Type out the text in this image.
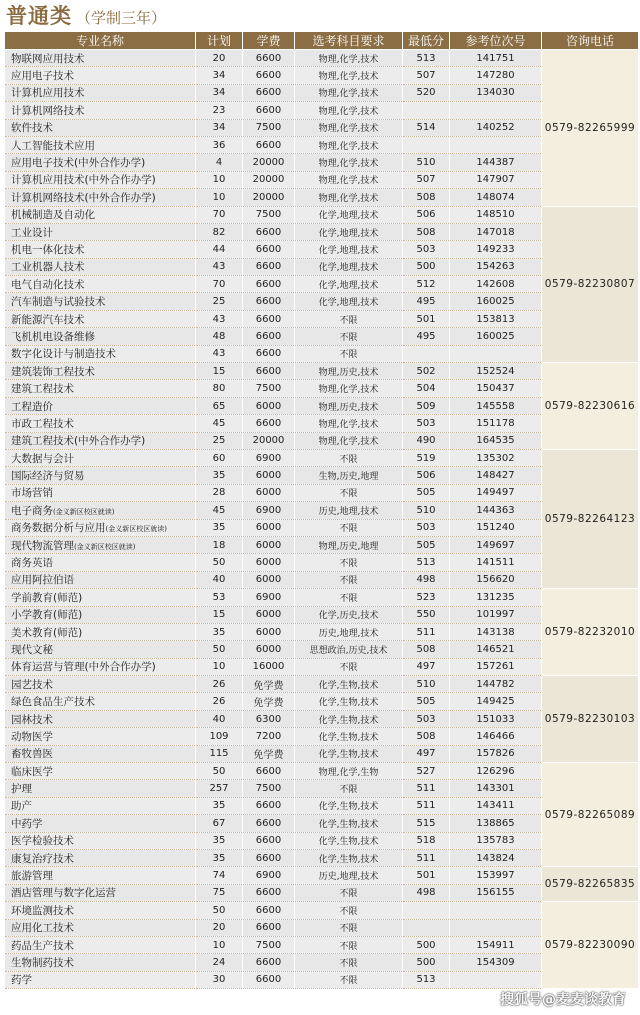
普通类 （学制三年）
专业名称	计划	学费	选考科目要求	最低分	参考位次号	咨询电话
物联网应用技术	20	6600	物理,化学,技术	513	141751	0579-82265999
应用电子技术	34	6600	物理,化学,技术	507	147280	
计算机应用技术	34	6600	物理,化学,技术	520	134030	
计算机网络技术	23	6600	物理,化学,技术			
软件技术	34	7500	物理,化学,技术	514	140252	
人工智能技术应用	36	6600	物理,化学,技术			
应用电子技术(中外合作办学)	4	20000	物理,化学,技术	510	144387	
计算机应用技术(中外合作办学)	10	20000	物理,化学,技术	507	147907	
计算机网络技术(中外合作办学)	10	20000	物理,化学,技术	508	148074	
机械制造及自动化	70	7500	化学,地理,技术	506	148510	0579-82230807
工业设计	82	6600	化学,地理,技术	508	147018	
机电一体化技术	44	6600	化学,地理,技术	503	149233	
工业机器人技术	43	6600	化学,地理,技术	500	154263	
电气自动化技术	70	6600	化学,地理,技术	512	142608	
汽车制造与试验技术	25	6600	化学,地理,技术	495	160025	
新能源汽车技术	43	6600	不限	501	153813	
飞机机电设备维修	48	6600	不限	495	160025	
数字化设计与制造技术	43	6600	不限			
建筑装饰工程技术	15	6600	物理,历史,技术	502	152524	0579-82230616
建筑工程技术	80	7500	物理,化学,技术	504	150437	
工程造价	65	6000	物理,历史,技术	509	145558	
市政工程技术	45	6600	物理,化学,技术	503	151178	
建筑工程技术(中外合作办学)	25	20000	物理,化学,技术	490	164535	
大数据与会计	60	6900	不限	519	135302	0579-82264123
国际经济与贸易	35	6000	生物,历史,地理	506	148427	
市场营销	28	6000	不限	505	149497	
电子商务(金义新区校区就读)	45	6900	历史,地理,技术	510	144363	
商务数据分析与应用(金义新区校区就读)	35	6000	不限	503	151240	
现代物流管理(金义新区校区就读)	18	6000	物理,历史,地理	505	149697	
商务英语	50	6000	不限	513	141511	
应用阿拉伯语	40	6000	不限	498	156620	
学前教育(师范)	53	6900	不限	523	131235	0579-82232010
小学教育(师范)	15	6000	化学,历史,技术	550	101997	
美术教育(师范)	35	6000	历史,地理,技术	511	143138	
现代文秘	50	6000	思想政治,历史,技术	508	146521	
体育运营与管理(中外合作办学)	10	16000	不限	497	157261	
园艺技术	26	免学费	化学,生物,技术	510	144782	0579-82230103
绿色食品生产技术	26	免学费	化学,生物,技术	505	149425	
园林技术	40	6300	化学,生物,技术	503	151033	
动物医学	109	7200	化学,生物,技术	508	146466	
畜牧兽医	115	免学费	化学,生物,技术	497	157826	
临床医学	50	6600	物理,化学,生物	527	126296	0579-82265089
护理	257	7500	不限	511	143301	
助产	35	6600	化学,生物,技术	511	143411	
中药学	67	6600	化学,生物,技术	515	138865	
医学检验技术	35	6600	化学,生物,技术	518	135783	
康复治疗技术	35	6600	化学,生物,技术	511	143824	
旅游管理	74	6900	历史,地理,技术	501	153997	0579-82265835
酒店管理与数字化运营	75	6600	不限	498	156155	
环境监测技术	50	6600	不限			0579-82230090
应用化工技术	20	6600	不限			
药品生产技术	10	7500	不限	500	154911	
生物制药技术	24	6600	不限	500	154309	
药学	30	6600	不限	513		
搜狐号@麦麦谈教育
